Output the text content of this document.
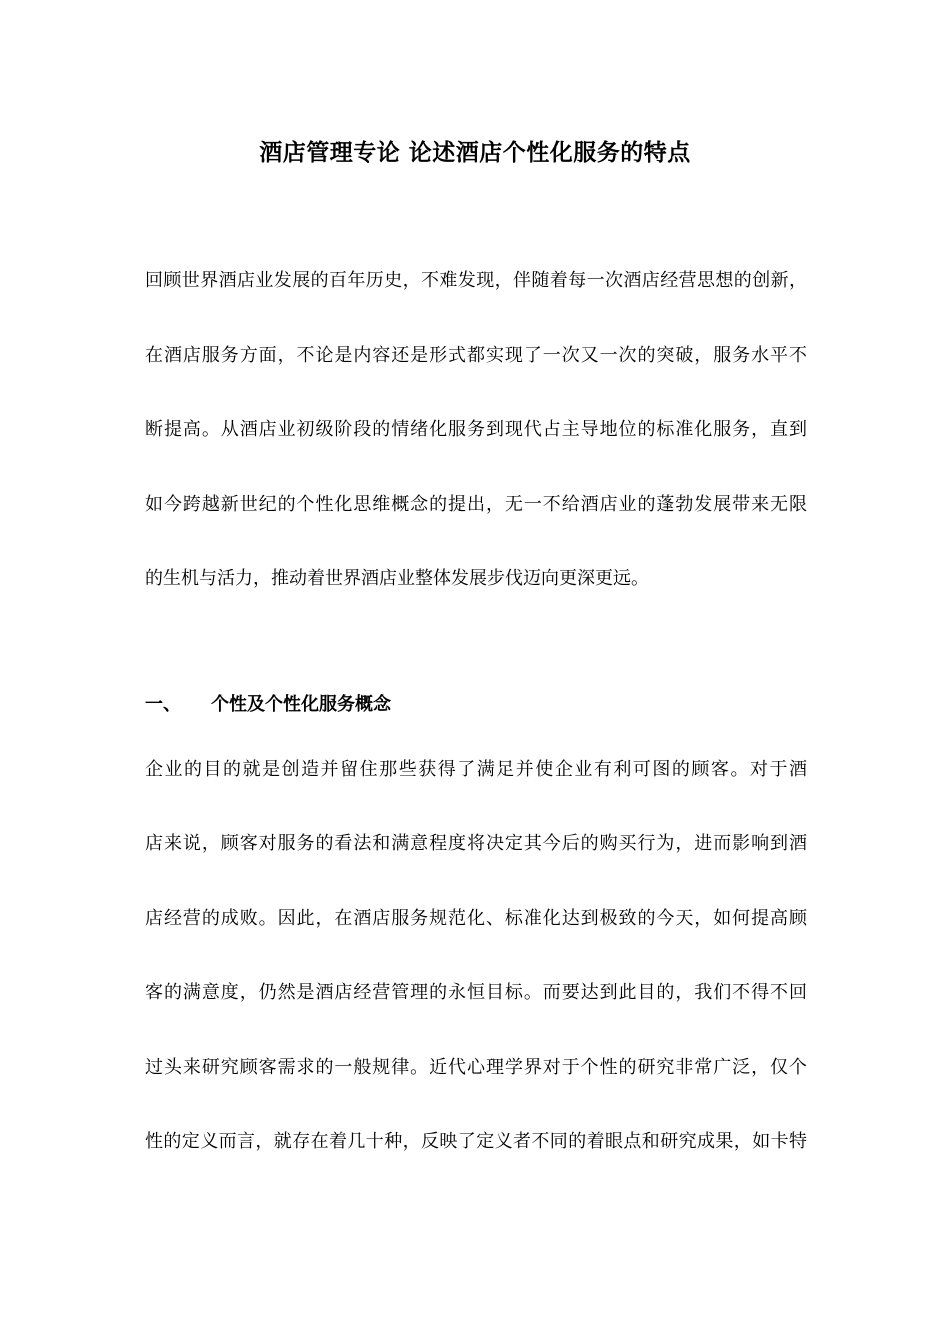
酒店管理专论 论述酒店个性化服务的特点
回顾世界酒店业发展的百年历史，不难发现，伴随着每一次酒店经营思想的创新，
在酒店服务方面，不论是内容还是形式都实现了一次又一次的突破，服务水平不
断提高。从酒店业初级阶段的情绪化服务到现代占主导地位的标准化服务，直到
如今跨越新世纪的个性化思维概念的提出，无一不给酒店业的蓬勃发展带来无限
的生机与活力，推动着世界酒店业整体发展步伐迈向更深更远。
一、 个性及个性化服务概念
企业的目的就是创造并留住那些获得了满足并使企业有利可图的顾客。对于酒
店来说，顾客对服务的看法和满意程度将决定其今后的购买行为，进而影响到酒
店经营的成败。因此，在酒店服务规范化、标准化达到极致的今天，如何提高顾
客的满意度，仍然是酒店经营管理的永恒目标。而要达到此目的，我们不得不回
过头来研究顾客需求的一般规律。近代心理学界对于个性的研究非常广泛，仅个
性的定义而言，就存在着几十种，反映了定义者不同的着眼点和研究成果，如卡特
